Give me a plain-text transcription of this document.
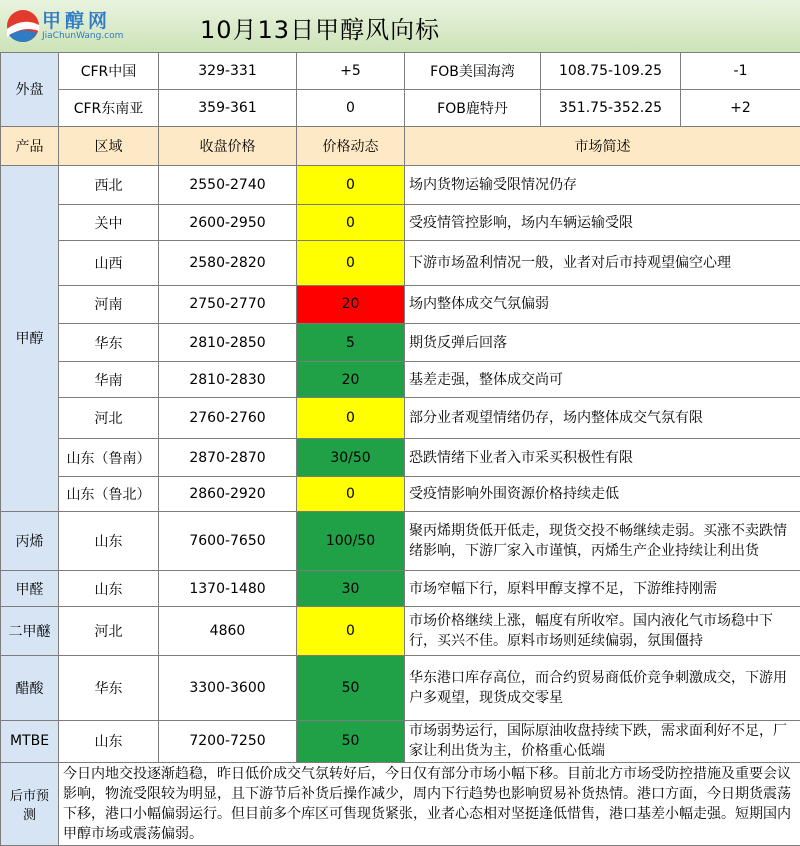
甲醇网
JiaChunWang.com	10月13日甲醇风向标
外盘	CFR中国	329-331	+5	FOB美国海湾	108.75-109.25	-1
	CFR东南亚	359-361	0	FOB鹿特丹	351.75-352.25	+2
产品	区域	收盘价格	价格动态	市场简述		
甲醇	西北	2550-2740	0	场内货物运输受限情况仍存		
	关中	2600-2950	0	受疫情管控影响，场内车辆运输受限		
	山西	2580-2820	0	下游市场盈利情况一般，业者对后市持观望偏空心理		
	河南	2750-2770	20	场内整体成交气氛偏弱		
	华东	2810-2850	5	期货反弹后回落		
	华南	2810-2830	20	基差走强，整体成交尚可		
	河北	2760-2760	0	部分业者观望情绪仍存，场内整体成交气氛有限		
	山东（鲁南）	2870-2870	30/50	恐跌情绪下业者入市采买积极性有限		
	山东（鲁北）	2860-2920	0	受疫情影响外围资源价格持续走低		
丙烯	山东	7600-7650	100/50	聚丙烯期货低开低走，现货交投不畅继续走弱。买涨不卖跌情绪影响，下游厂家入市谨慎，丙烯生产企业持续让利出货		
甲醛	山东	1370-1480	30	市场窄幅下行，原料甲醇支撑不足，下游维持刚需		
二甲醚	河北	4860	0	市场价格继续上涨，幅度有所收窄。国内液化气市场稳中下行，买兴不佳。原料市场则延续偏弱，氛围僵持		
醋酸	华东	3300-3600	50	华东港口库存高位，而合约贸易商低价竞争刺激成交，下游用户多观望，现货成交零星		
MTBE	山东	7200-7250	50	市场弱势运行，国际原油收盘持续下跌，需求面利好不足，厂家让利出货为主，价格重心低端		
后市预测	今日内地交投逐渐趋稳，昨日低价成交气氛转好后，今日仅有部分市场小幅下移。目前北方市场受防控措施及重要会议影响，物流受限较为明显，且下游节后补货后操作减少，周内下行趋势也影响贸易补货热情。港口方面，今日期货震荡下移，港口小幅偏弱运行。但目前多个库区可售现货紧张，业者心态相对坚挺逢低惜售，港口基差小幅走强。短期国内甲醇市场或震荡偏弱。					
